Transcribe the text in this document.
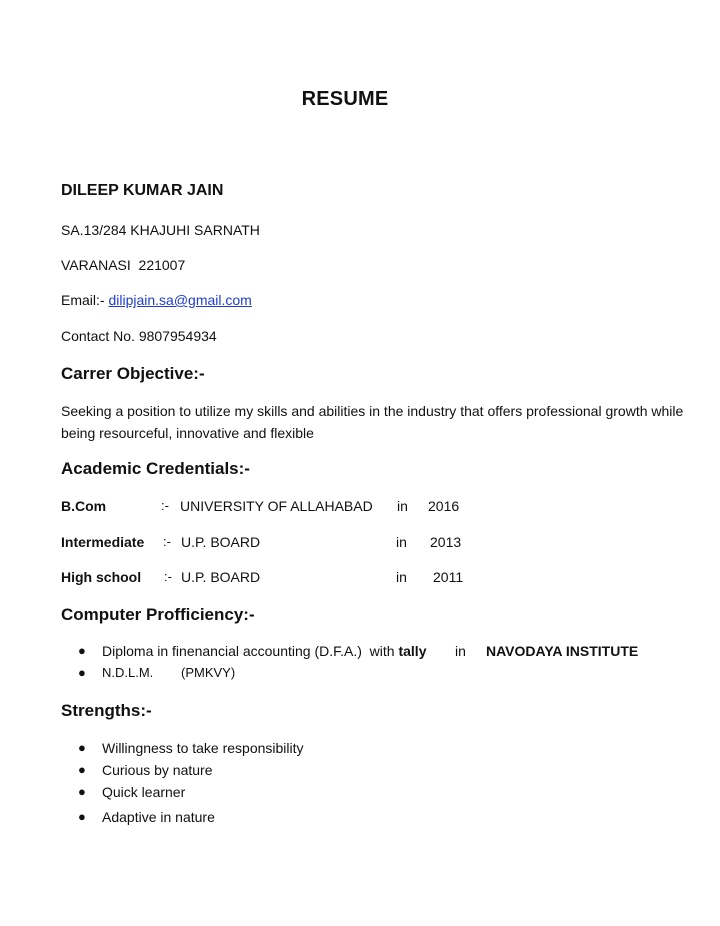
RESUME
DILEEP KUMAR JAIN
SA.13/284 KHAJUHI SARNATH
VARANASI  221007
Email:- dilipjain.sa@gmail.com
Contact No. 9807954934
Carrer Objective:-
Seeking a position to utilize my skills and abilities in the industry that offers professional growth while being resourceful, innovative and flexible
Academic Credentials:-
B.Com	:- UNIVERSITY OF ALLAHABAD in 2016
Intermediate :- U.P. BOARD	in 2013
High school :- U.P. BOARD	in 2011
Computer Profficiency:-
● Diploma in finenancial accounting (D.F.A.)  with tally in NAVODAYA INSTITUTE
● N.D.L.M. (PMKVY)
Strengths:-
● Willingness to take responsibility
● Curious by nature
● Quick learner
● Adaptive in nature
